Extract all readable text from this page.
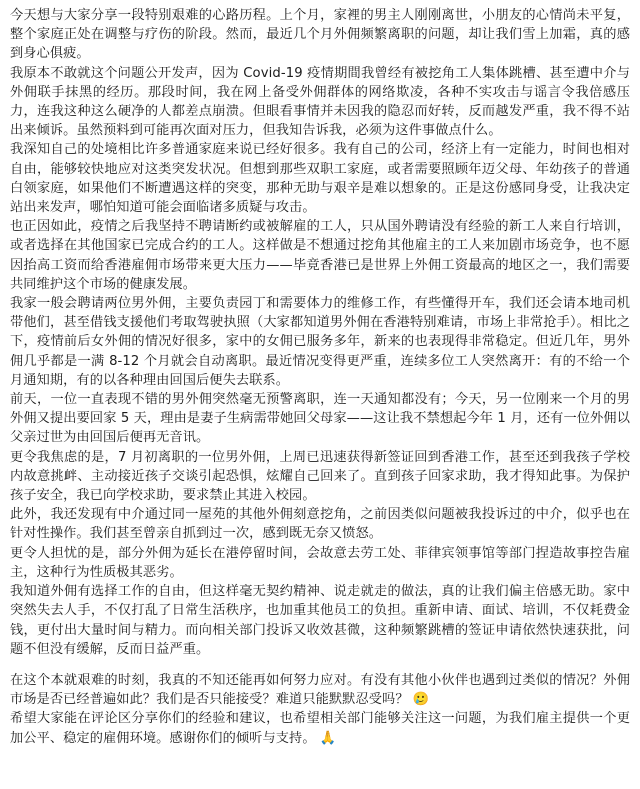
今天想与大家分享一段特别艰难的心路历程。上个月，家裡的男主人刚刚离世，小朋友的心情尚未平复，整个家庭正处在调整与疗伤的阶段。然而，最近几个月外佣频繁离职的问题，却让我们雪上加霜，真的感到身心俱疲。

我原本不敢就这个问题公开发声，因为 Covid-19 疫情期間我曾经有被挖角工人集体跳槽、甚至遭中介与外佣联手抹黑的经历。那段时间，我在网上备受外佣群体的网络欺凌，各种不实攻击与谣言令我倍感压力，连我这种这么硬净的人都差点崩溃。但眼看事情并未因我的隐忍而好转，反而越发严重，我不得不站出来倾诉。虽然预料到可能再次面对压力，但我知告诉我，必须为这件事做点什么。

我深知自己的处境相比许多普通家庭来说已经好很多。我有自己的公司，经济上有一定能力，时间也相对自由，能够较快地应对这类突发状况。但想到那些双职工家庭，或者需要照顾年迈父母、年幼孩子的普通白领家庭，如果他们不断遭遇这样的突变，那种无助与艰辛是难以想象的。正是这份感同身受，让我决定站出来发声，哪怕知道可能会面临诸多质疑与攻击。

也正因如此，疫情之后我坚持不聘请断约或被解雇的工人，只从国外聘请没有经验的新工人来自行培训，或者选择在其他国家已完成合约的工人。这样做是不想通过挖角其他雇主的工人来加剧市场竞争，也不愿因抬高工资而给香港雇佣市场带来更大压力——毕竟香港已是世界上外佣工资最高的地区之一，我们需要共同维护这个市场的健康发展。

我家一般会聘请两位男外佣，主要负责园丁和需要体力的维修工作，有些懂得开车，我们还会请本地司机带他们，甚至借钱支援他们考取驾驶执照（大家都知道男外佣在香港特别难请，市场上非常抢手）。相比之下，疫情前后女外佣的情况好很多，家中的女佣已服务多年，新来的也表现得非常稳定。但近几年，男外佣几乎都是一满 8-12 个月就会自动离职。最近情况变得更严重，连续多位工人突然离开：有的不给一个月通知期，有的以各种理由回国后便失去联系。

前天，一位一直表现不错的男外佣突然毫无预警离职，连一天通知都没有；今天，另一位刚来一个月的男外佣又提出要回家 5 天，理由是妻子生病需带她回父母家——这让我不禁想起今年 1 月，还有一位外佣以父亲过世为由回国后便再无音讯。

更令我焦虑的是，7 月初离职的一位男外佣，上周已迅速获得新签证回到香港工作，甚至还到我孩子学校内故意挑衅、主动接近孩子交谈引起恐惧，炫耀自己回来了。直到孩子回家求助，我才得知此事。为保护孩子安全，我已向学校求助，要求禁止其进入校园。

此外，我还发现有中介通过同一屋苑的其他外佣刻意挖角，之前因类似问题被我投诉过的中介，似乎也在针对性操作。我们甚至曾亲自抓到过一次，感到既无奈又愤怒。

更令人担忧的是，部分外佣为延长在港停留时间，会故意去劳工处、菲律宾领事馆等部门捏造故事控告雇主，这种行为性质极其恶劣。

我知道外佣有选择工作的自由，但这样毫无契约精神、说走就走的做法，真的让我们偏主倍感无助。家中突然失去人手，不仅打乱了日常生活秩序，也加重其他员工的负担。重新申请、面试、培训，不仅耗费金钱，更付出大量时间与精力。而向相关部门投诉又收效甚微，这种频繁跳槽的签证申请依然快速获批，问题不但没有缓解，反而日益严重。

在这个本就艰难的时刻，我真的不知还能再如何努力应对。有没有其他小伙伴也遇到过类似的情况？外佣市场是否已经普遍如此？我们是否只能接受？难道只能默默忍受吗？ 🥲

希望大家能在评论区分享你们的经验和建议，也希望相关部门能够关注这一问题，为我们雇主提供一个更加公平、稳定的雇佣环境。感谢你们的倾听与支持。 🙏
